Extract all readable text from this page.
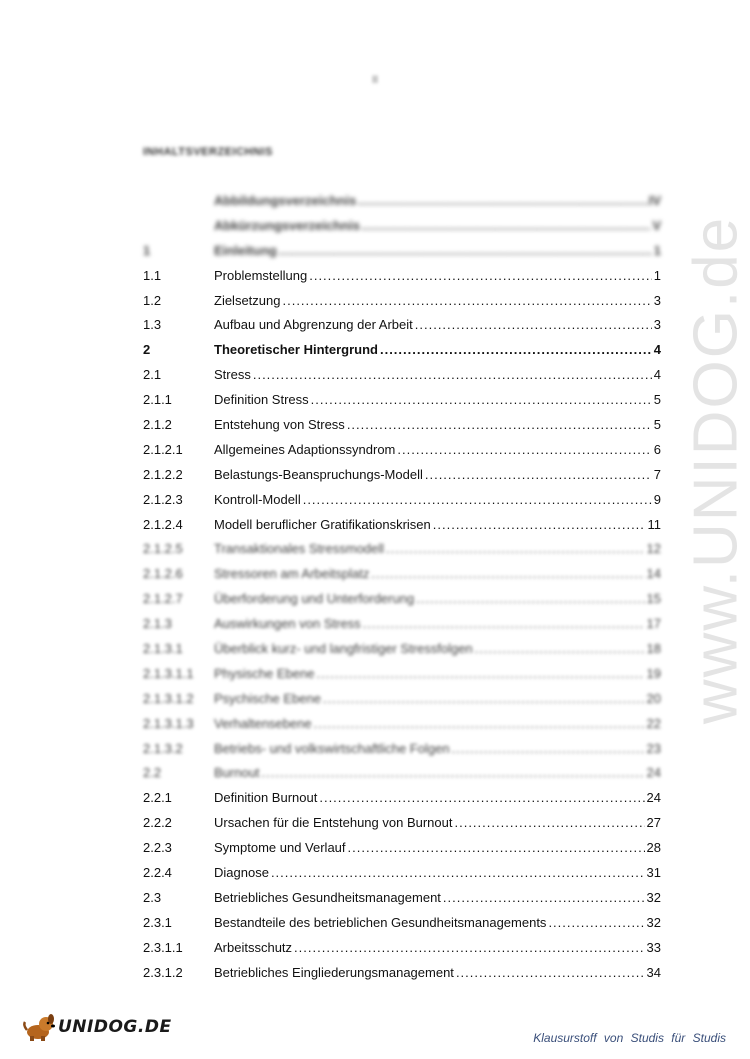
II
INHALTSVERZEICHNIS
Abbildungsverzeichnis .....	IV
Abkürzungsverzeichnis .....	V
1	Einleitung .....	1
1.1	Problemstellung .....	1
1.2	Zielsetzung .....	3
1.3	Aufbau und Abgrenzung der Arbeit .....	3
2	Theoretischer Hintergrund .....	4
2.1	Stress .....	4
2.1.1	Definition Stress .....	5
2.1.2	Entstehung von Stress .....	5
2.1.2.1	Allgemeines Adaptionssyndrom .....	6
2.1.2.2	Belastungs-Beanspruchungs-Modell .....	7
2.1.2.3	Kontroll-Modell .....	9
2.1.2.4	Modell beruflicher Gratifikationskrisen .....	11
2.1.2.5	Transaktionales Stressmodell .....	12
2.1.2.6	Stressoren am Arbeitsplatz .....	14
2.1.2.7	Überforderung und Unterforderung .....	15
2.1.3	Auswirkungen von Stress .....	17
2.1.3.1	Überblick kurz- und langfristiger Stressfolgen .....	18
2.1.3.1.1	Physische Ebene .....	19
2.1.3.1.2	Psychische Ebene .....	20
2.1.3.1.3	Verhaltensebene .....	22
2.1.3.2	Betriebs- und volkswirtschaftliche Folgen .....	23
2.2	Burnout .....	24
2.2.1	Definition Burnout .....	24
2.2.2	Ursachen für die Entstehung von Burnout .....	27
2.2.3	Symptome und Verlauf .....	28
2.2.4	Diagnose .....	31
2.3	Betriebliches Gesundheitsmanagement .....	32
2.3.1	Bestandteile des betrieblichen Gesundheitsmanagements .....	32
2.3.1.1	Arbeitsschutz .....	33
2.3.1.2	Betriebliches Eingliederungsmanagement .....	34
www.UNIDOG.de
UNIDOG.DE
Klausurstoff von Studis für Studis
